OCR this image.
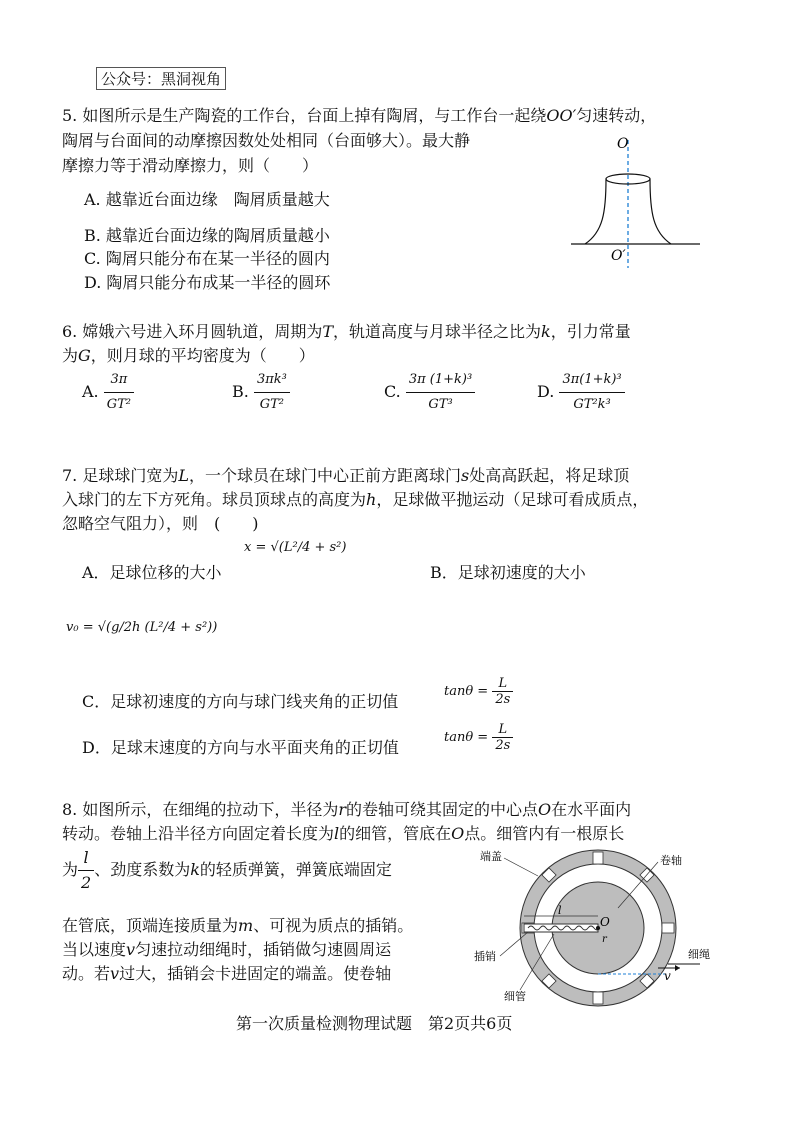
公众号：黑洞视角
5. 如图所示是生产陶瓷的工作台，台面上掉有陶屑，与工作台一起绕OO′匀速转动，
陶屑与台面间的动摩擦因数处处相同（台面够大）。最大静
摩擦力等于滑动摩擦力，则（　　）
A. 越靠近台面边缘　陶屑质量越大
B. 越靠近台面边缘的陶屑质量越小
C. 陶屑只能分布在某一半径的圆内
D. 陶屑只能分布成某一半径的圆环
O
O′
6. 嫦娥六号进入环月圆轨道，周期为T，轨道高度与月球半径之比为k，引力常量
为G，则月球的平均密度为（　　）
A. $\frac{3\pi}{\text{GT²}}$	B. $\frac{\text{3πk³}}{\text{GT²}}$	C. $\frac{\text{3π (1+k)³}}{\text{GT³}}$	D. $\frac{\text{3π(1+k)³}}{\text{GT²k³}}$
7. 足球球门宽为L，一个球员在球门中心正前方距离球门s处高高跃起，将足球顶
入球门的左下方死角。球员顶球点的高度为h，足球做平抛运动（足球可看成质点，
忽略空气阻力），则　(　　)
A．足球位移的大小
x = √(L²/4 + s²)
B．足球初速度的大小
v₀ = √(g/2h (L²/4 + s²))
C．足球初速度的方向与球门线夹角的正切值
$\tan\theta = \frac{L}{2s}$
D．足球末速度的方向与水平面夹角的正切值
$\tan\theta = \frac{L}{2s}$
8. 如图所示，在细绳的拉动下，半径为r的卷轴可绕其固定的中心点O在水平面内
转动。卷轴上沿半径方向固定着长度为l的细管，管底在O点。细管内有一根原长
为 $\frac{l}{2}$ 、劲度系数为k的轻质弹簧，弹簧底端固定
在管底，顶端连接质量为m、可视为质点的插销。
当以速度v匀速拉动细绳时，插销做匀速圆周运
动。若v过大，插销会卡进固定的端盖。使卷轴
l
O
r
v
端盖	卷轴
插销
细管
细绳
第一次质量检测物理试题　第2页共6页
